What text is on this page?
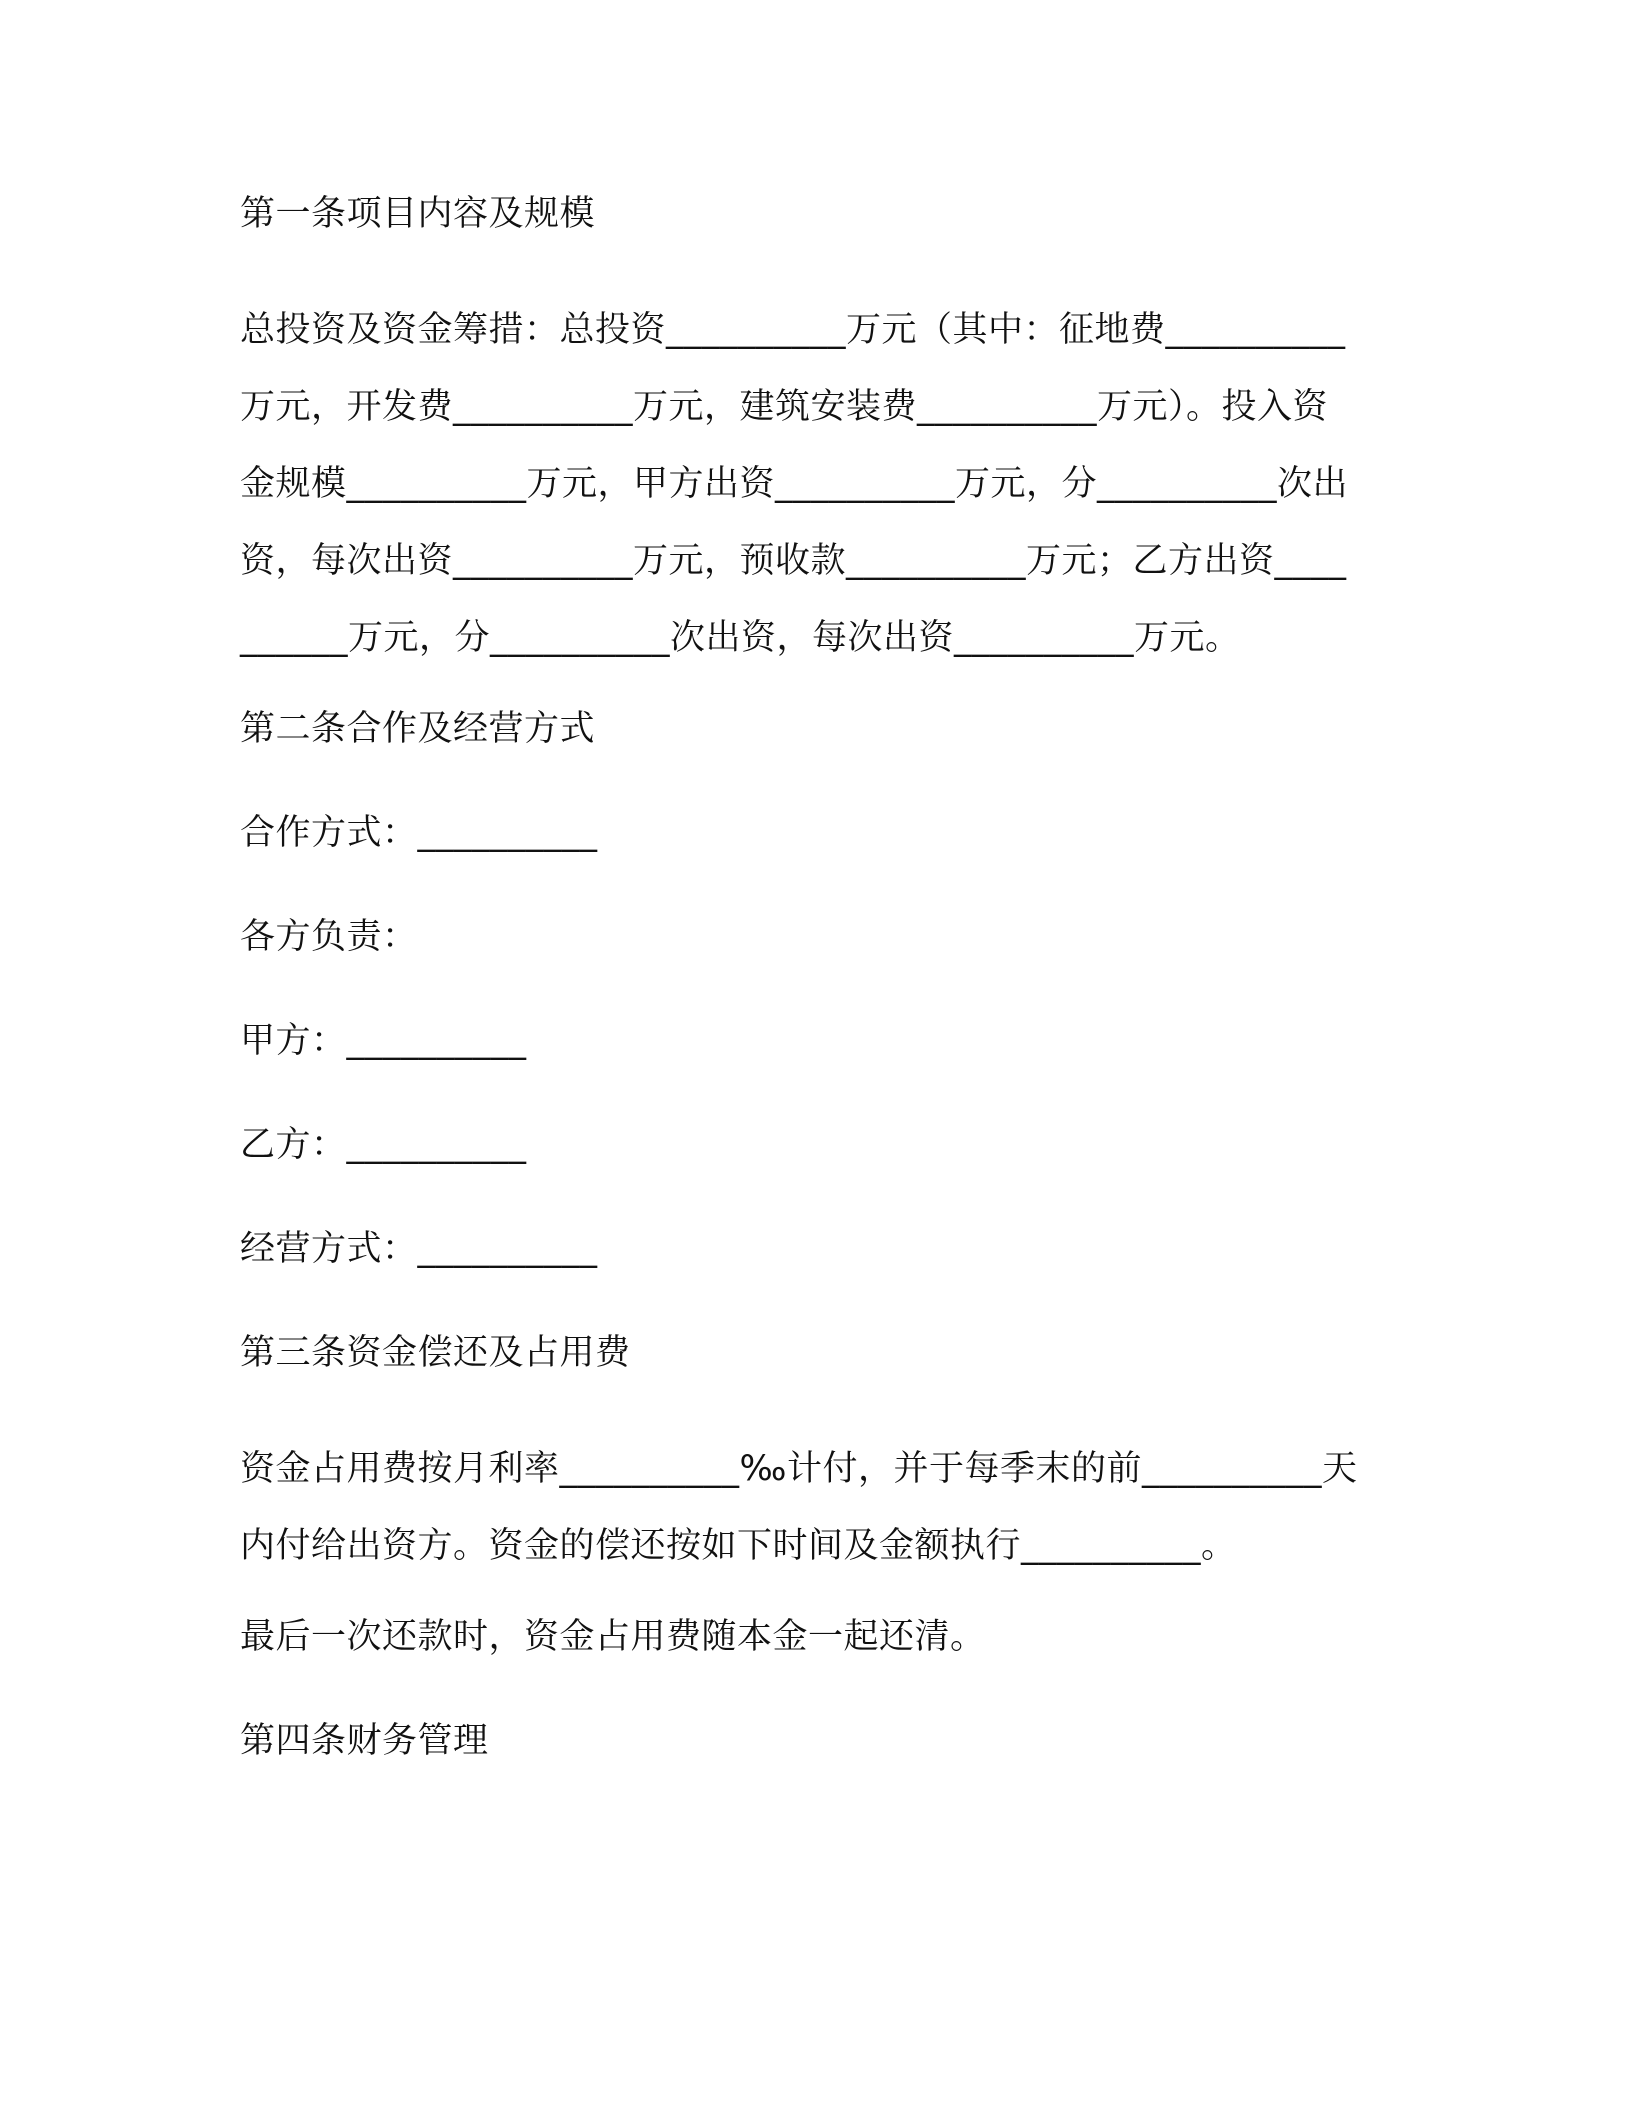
第一条项目内容及规模
总投资及资金筹措：总投资__________万元（其中：征地费__________万元，开发费__________万元，建筑安装费__________万元）。投入资金规模__________万元，甲方出资__________万元，分__________次出资，每次出资__________万元，预收款__________万元；乙方出资__________万元，分__________次出资，每次出资__________万元。
第二条合作及经营方式
合作方式：__________
各方负责：
甲方：__________
乙方：__________
经营方式：__________
第三条资金偿还及占用费
资金占用费按月利率__________‰计付，并于每季末的前__________天内付给出资方。资金的偿还按如下时间及金额执行__________。
最后一次还款时，资金占用费随本金一起还清。
第四条财务管理
